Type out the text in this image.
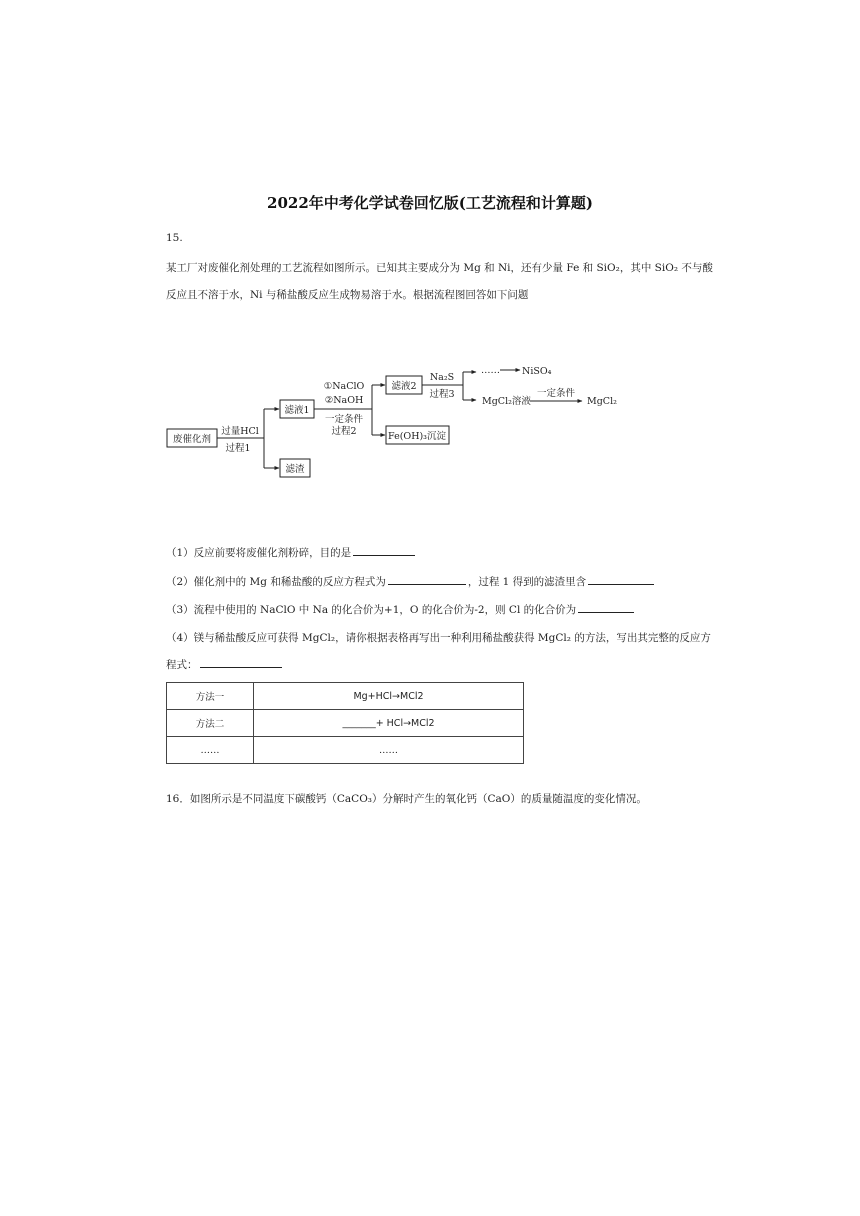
2022年中考化学试卷回忆版(工艺流程和计算题)
15.
某工厂对废催化剂处理的工艺流程如图所示。已知其主要成分为 Mg 和 Ni，还有少量 Fe 和 SiO₂，其中 SiO₂ 不与酸
反应且不溶于水，Ni 与稀盐酸反应生成物易溶于水。根据流程图回答如下问题
废催化剂
过量HCl
过程1
滤液1
滤渣
①NaClO
②NaOH
一定条件
过程2
滤液2
Fe(OH)₃沉淀
Na₂S
过程3
…… NiSO₄
MgCl₂溶液
一定条件
MgCl₂
（1）反应前要将废催化剂粉碎，目的是
（2）催化剂中的 Mg 和稀盐酸的反应方程式为	，过程 1 得到的滤渣里含
（3）流程中使用的 NaClO 中 Na 的化合价为+1，O 的化合价为-2，则 Cl 的化合价为
（4）镁与稀盐酸反应可获得 MgCl₂，请你根据表格再写出一种利用稀盐酸获得 MgCl₂ 的方法，写出其完整的反应方
程式：
方法一	Mg+HCl→MCl2
方法二	_______+ HCl→MCl2
……	……
16．如图所示是不同温度下碳酸钙（CaCO₃）分解时产生的氧化钙（CaO）的质量随温度的变化情况。
